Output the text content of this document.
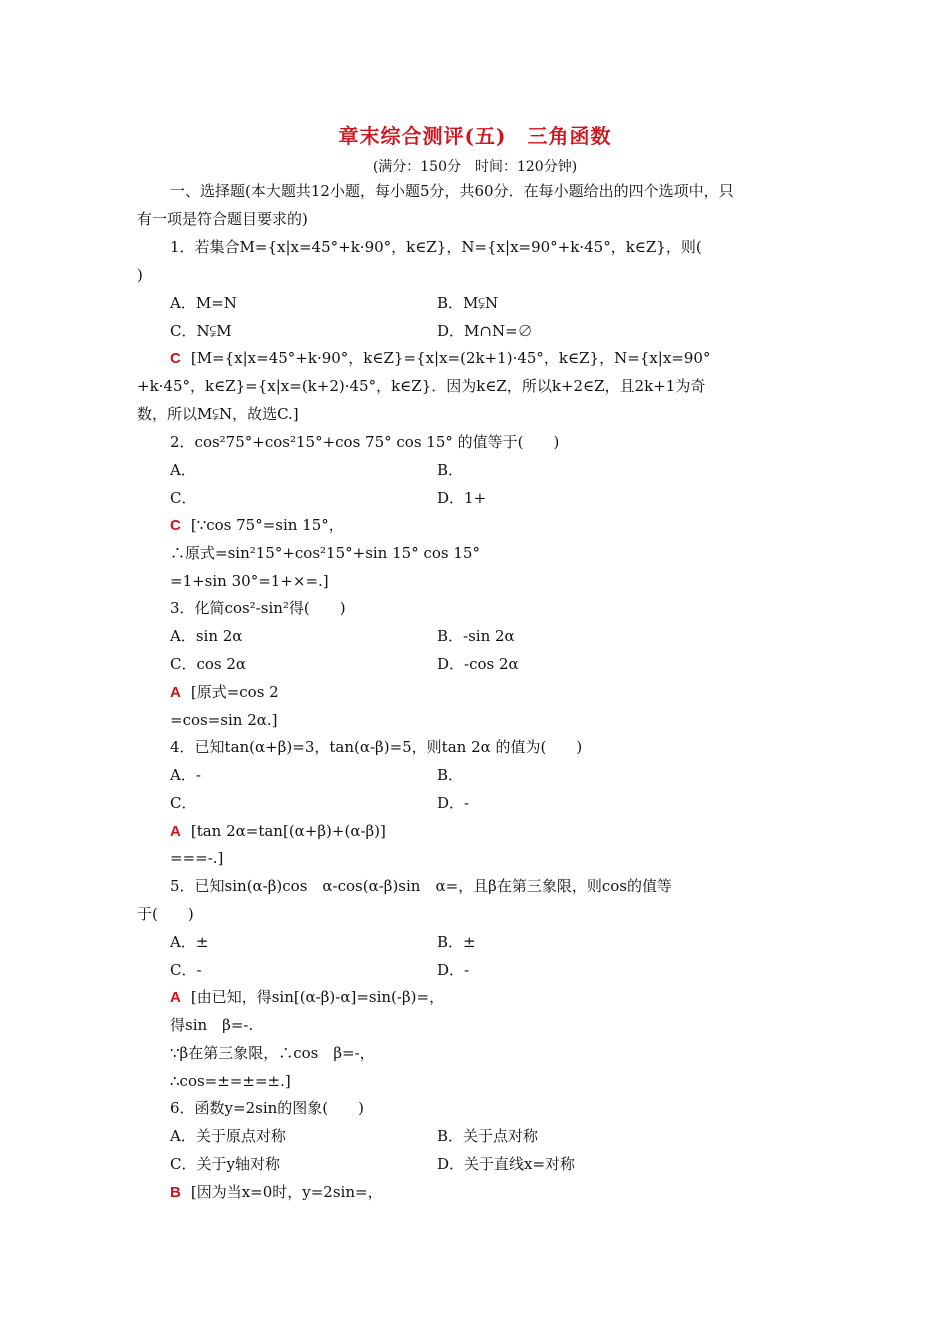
章末综合测评(五)　三角函数
(满分：150分　时间：120分钟)
一、选择题(本大题共12小题，每小题5分，共60分．在每小题给出的四个选项中，只
有一项是符合题目要求的)
1．若集合M={x|x=45°+k·90°，k∈Z}，N={x|x=90°+k·45°，k∈Z}，则(
)
A．M=N	B．M⫋N
C．N⫋M	D．M∩N=∅
C [M={x|x=45°+k·90°，k∈Z}={x|x=(2k+1)·45°，k∈Z}，N={x|x=90°
+k·45°，k∈Z}={x|x=(k+2)·45°，k∈Z}．因为k∈Z，所以k+2∈Z，且2k+1为奇
数，所以M⫋N，故选C.]
2．cos²75°+cos²15°+cos 75° cos 15° 的值等于(　　)
A．	B．
C．	D．1+
C [∵cos 75°=sin 15°，
∴原式=sin²15°+cos²15°+sin 15° cos 15°
=1+sin 30°=1+×=.]
3．化简cos²-sin²得(　　)
A．sin 2α	B．-sin 2α
C．cos 2α	D．-cos 2α
A [原式=cos 2
=cos=sin 2α.]
4．已知tan(α+β)=3，tan(α-β)=5，则tan 2α 的值为(　　)
A．-	B．
C．	D．-
A [tan 2α=tan[(α+β)+(α-β)]
===-.]
5．已知sin(α-β)cos　α-cos(α-β)sin　α=，且β在第三象限，则cos的值等
于(　　)
A．±	B．±
C．-	D．-
A [由已知，得sin[(α-β)-α]=sin(-β)=，
得sin　β=-.
∵β在第三象限，∴cos　β=-，
∴cos=±=±=±.]
6．函数y=2sin的图象(　　)
A．关于原点对称	B．关于点对称
C．关于y轴对称	D．关于直线x=对称
B [因为当x=0时，y=2sin=，
